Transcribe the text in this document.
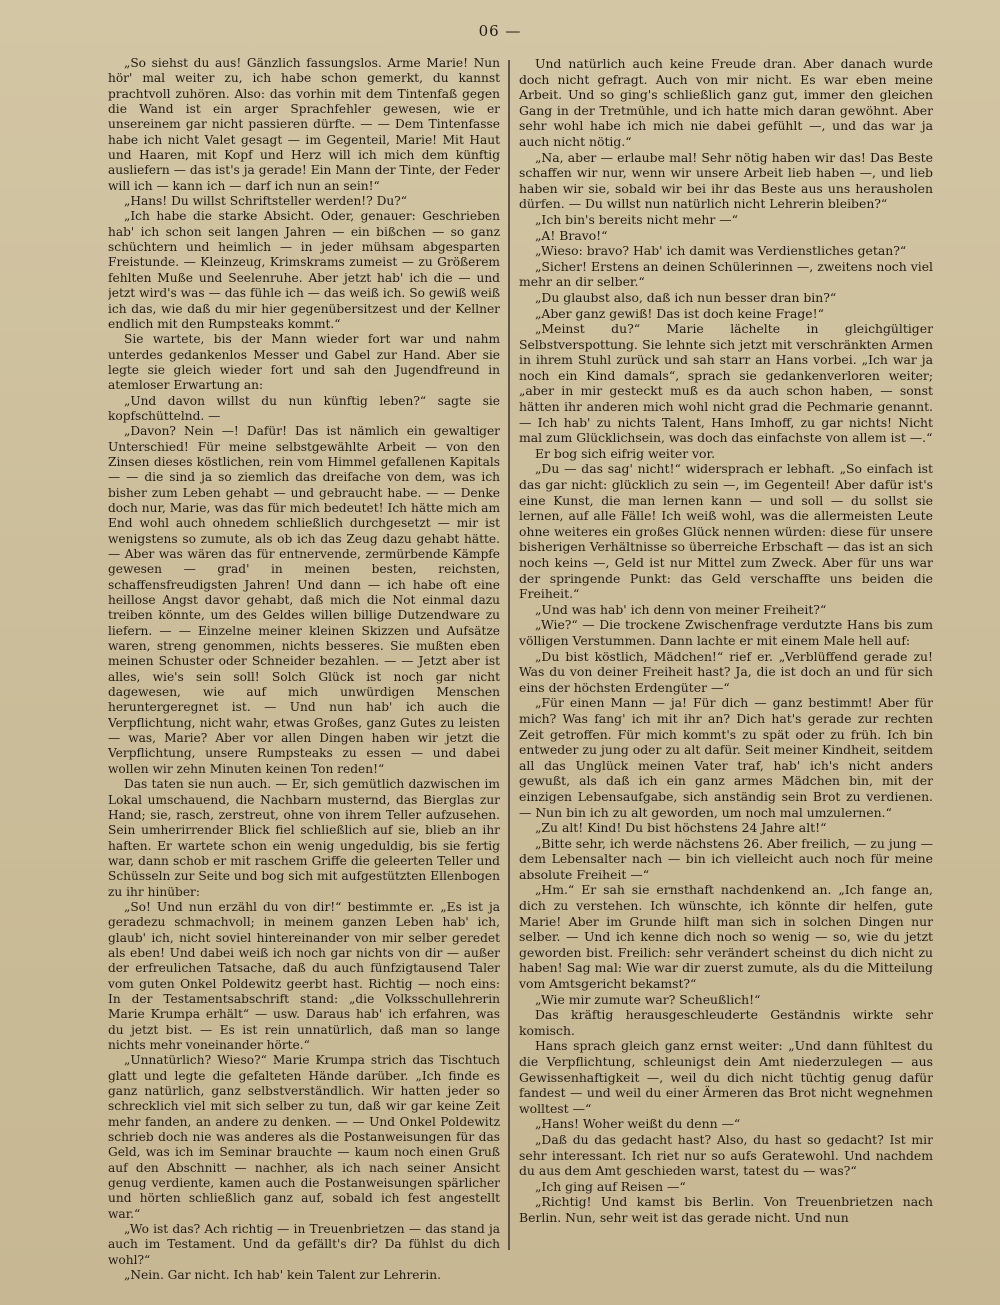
06 —

„So siehst du aus! Gänzlich fassungslos. Arme Marie! Nun hör' mal weiter zu, ich habe schon gemerkt, du kannst prachtvoll zuhören. Also: das vorhin mit dem Tintenfaß gegen die Wand ist ein arger Sprachfehler gewesen, wie er unsereinem gar nicht passieren dürfte. — — Dem Tintenfasse habe ich nicht Valet gesagt — im Gegenteil, Marie! Mit Haut und Haaren, mit Kopf und Herz will ich mich dem künftig ausliefern — das ist's ja gerade! Ein Mann der Tinte, der Feder will ich — kann ich — darf ich nun an sein!“

„Hans! Du willst Schriftsteller werden!? Du?“

„Ich habe die starke Absicht. Oder, genauer: Geschrieben hab' ich schon seit langen Jahren — ein bißchen — so ganz schüchtern und heimlich — in jeder mühsam abgesparten Freistunde. — Kleinzeug, Krimskrams zumeist — zu Größerem fehlten Muße und Seelenruhe. Aber jetzt hab' ich die — und jetzt wird's was — das fühle ich — das weiß ich. So gewiß weiß ich das, wie daß du mir hier gegenübersitzest und der Kellner endlich mit den Rumpsteaks kommt.“

Sie wartete, bis der Mann wieder fort war und nahm unterdes gedankenlos Messer und Gabel zur Hand. Aber sie legte sie gleich wieder fort und sah den Jugendfreund in atemloser Erwartung an:

„Und davon willst du nun künftig leben?“ sagte sie kopfschüttelnd. —

„Davon? Nein —! Dafür! Das ist nämlich ein gewaltiger Unterschied! Für meine selbstgewählte Arbeit — von den Zinsen dieses köstlichen, rein vom Himmel gefallenen Kapitals — — die sind ja so ziemlich das dreifache von dem, was ich bisher zum Leben gehabt — und gebraucht habe. — — Denke doch nur, Marie, was das für mich bedeutet! Ich hätte mich am End wohl auch ohnedem schließlich durchgesetzt — mir ist wenigstens so zumute, als ob ich das Zeug dazu gehabt hätte. — Aber was wären das für entnervende, zermürbende Kämpfe gewesen — grad' in meinen besten, reichsten, schaffensfreudigsten Jahren! Und dann — ich habe oft eine heillose Angst davor gehabt, daß mich die Not einmal dazu treiben könnte, um des Geldes willen billige Dutzendware zu liefern. — — Einzelne meiner kleinen Skizzen und Aufsätze waren, streng genommen, nichts besseres. Sie mußten eben meinen Schuster oder Schneider bezahlen. — — Jetzt aber ist alles, wie's sein soll! Solch Glück ist noch gar nicht dagewesen, wie auf mich unwürdigen Menschen heruntergeregnet ist. — Und nun hab' ich auch die Verpflichtung, nicht wahr, etwas Großes, ganz Gutes zu leisten — was, Marie? Aber vor allen Dingen haben wir jetzt die Verpflichtung, unsere Rumpsteaks zu essen — und dabei wollen wir zehn Minuten keinen Ton reden!“

Das taten sie nun auch. — Er, sich gemütlich dazwischen im Lokal umschauend, die Nachbarn musternd, das Bierglas zur Hand; sie, rasch, zerstreut, ohne von ihrem Teller aufzusehen. Sein umherirrender Blick fiel schließlich auf sie, blieb an ihr haften. Er wartete schon ein wenig ungeduldig, bis sie fertig war, dann schob er mit raschem Griffe die geleerten Teller und Schüsseln zur Seite und bog sich mit aufgestützten Ellenbogen zu ihr hinüber:

„So! Und nun erzähl du von dir!“ bestimmte er. „Es ist ja geradezu schmachvoll; in meinem ganzen Leben hab' ich, glaub' ich, nicht soviel hintereinander von mir selber geredet als eben! Und dabei weiß ich noch gar nichts von dir — außer der erfreulichen Tatsache, daß du auch fünfzigtausend Taler vom guten Onkel Poldewitz geerbt hast. Richtig — noch eins: In der Testamentsabschrift stand: „die Volksschullehrerin Marie Krumpa erhält“ — usw. Daraus hab' ich erfahren, was du jetzt bist. — Es ist rein unnatürlich, daß man so lange nichts mehr voneinander hörte.“

„Unnatürlich? Wieso?“ Marie Krumpa strich das Tischtuch glatt und legte die gefalteten Hände darüber. „Ich finde es ganz natürlich, ganz selbstverständlich. Wir hatten jeder so schrecklich viel mit sich selber zu tun, daß wir gar keine Zeit mehr fanden, an andere zu denken. — — Und Onkel Poldewitz schrieb doch nie was anderes als die Postanweisungen für das Geld, was ich im Seminar brauchte — kaum noch einen Gruß auf den Abschnitt — nachher, als ich nach seiner Ansicht genug verdiente, kamen auch die Postanweisungen spärlicher und hörten schließlich ganz auf, sobald ich fest angestellt war.“

„Wo ist das? Ach richtig — in Treuenbrietzen — das stand ja auch im Testament. Und da gefällt's dir? Da fühlst du dich wohl?“

„Nein. Gar nicht. Ich hab' kein Talent zur Lehrerin.

Und natürlich auch keine Freude dran. Aber danach wurde doch nicht gefragt. Auch von mir nicht. Es war eben meine Arbeit. Und so ging's schließlich ganz gut, immer den gleichen Gang in der Tretmühle, und ich hatte mich daran gewöhnt. Aber sehr wohl habe ich mich nie dabei gefühlt —, und das war ja auch nicht nötig.“

„Na, aber — erlaube mal! Sehr nötig haben wir das! Das Beste schaffen wir nur, wenn wir unsere Arbeit lieb haben —, und lieb haben wir sie, sobald wir bei ihr das Beste aus uns herausholen dürfen. — Du willst nun natürlich nicht Lehrerin bleiben?“

„Ich bin's bereits nicht mehr —“

„A! Bravo!“

„Wieso: bravo? Hab' ich damit was Verdienstliches getan?“

„Sicher! Erstens an deinen Schülerinnen —, zweitens noch viel mehr an dir selber.“

„Du glaubst also, daß ich nun besser dran bin?“

„Aber ganz gewiß! Das ist doch keine Frage!“

„Meinst du?“ Marie lächelte in gleichgültiger Selbstverspottung. Sie lehnte sich jetzt mit verschränkten Armen in ihrem Stuhl zurück und sah starr an Hans vorbei. „Ich war ja noch ein Kind damals“, sprach sie gedankenverloren weiter; „aber in mir gesteckt muß es da auch schon haben, — sonst hätten ihr anderen mich wohl nicht grad die Pechmarie genannt. — Ich hab' zu nichts Talent, Hans Imhoff, zu gar nichts! Nicht mal zum Glücklichsein, was doch das einfachste von allem ist —.“

Er bog sich eifrig weiter vor.

„Du — das sag' nicht!“ widersprach er lebhaft. „So einfach ist das gar nicht: glücklich zu sein —, im Gegenteil! Aber dafür ist's eine Kunst, die man lernen kann — und soll — du sollst sie lernen, auf alle Fälle! Ich weiß wohl, was die allermeisten Leute ohne weiteres ein großes Glück nennen würden: diese für unsere bisherigen Verhältnisse so überreiche Erbschaft — das ist an sich noch keins —, Geld ist nur Mittel zum Zweck. Aber für uns war der springende Punkt: das Geld verschaffte uns beiden die Freiheit.“

„Und was hab' ich denn von meiner Freiheit?“

„Wie?“ — Die trockene Zwischenfrage verdutzte Hans bis zum völligen Verstummen. Dann lachte er mit einem Male hell auf:

„Du bist köstlich, Mädchen!“ rief er. „Verblüffend gerade zu! Was du von deiner Freiheit hast? Ja, die ist doch an und für sich eins der höchsten Erdengüter —“

„Für einen Mann — ja! Für dich — ganz bestimmt! Aber für mich? Was fang' ich mit ihr an? Dich hat's gerade zur rechten Zeit getroffen. Für mich kommt's zu spät oder zu früh. Ich bin entweder zu jung oder zu alt dafür. Seit meiner Kindheit, seitdem all das Unglück meinen Vater traf, hab' ich's nicht anders gewußt, als daß ich ein ganz armes Mädchen bin, mit der einzigen Lebensaufgabe, sich anständig sein Brot zu verdienen. — Nun bin ich zu alt geworden, um noch mal umzulernen.“

„Zu alt! Kind! Du bist höchstens 24 Jahre alt!“

„Bitte sehr, ich werde nächstens 26. Aber freilich, — zu jung — dem Lebensalter nach — bin ich vielleicht auch noch für meine absolute Freiheit —“

„Hm.“ Er sah sie ernsthaft nachdenkend an. „Ich fange an, dich zu verstehen. Ich wünschte, ich könnte dir helfen, gute Marie! Aber im Grunde hilft man sich in solchen Dingen nur selber. — Und ich kenne dich noch so wenig — so, wie du jetzt geworden bist. Freilich: sehr verändert scheinst du dich nicht zu haben! Sag mal: Wie war dir zuerst zumute, als du die Mitteilung vom Amtsgericht bekamst?“

„Wie mir zumute war? Scheußlich!“

Das kräftig herausgeschleuderte Geständnis wirkte sehr komisch.

Hans sprach gleich ganz ernst weiter: „Und dann fühltest du die Verpflichtung, schleunigst dein Amt niederzulegen — aus Gewissenhaftigkeit —, weil du dich nicht tüchtig genug dafür fandest — und weil du einer Ärmeren das Brot nicht wegnehmen wolltest —“

„Hans! Woher weißt du denn —“

„Daß du das gedacht hast? Also, du hast so gedacht? Ist mir sehr interessant. Ich riet nur so aufs Geratewohl. Und nachdem du aus dem Amt geschieden warst, tatest du — was?“

„Ich ging auf Reisen —“

„Richtig! Und kamst bis Berlin. Von Treuenbrietzen nach Berlin. Nun, sehr weit ist das gerade nicht. Und nun
